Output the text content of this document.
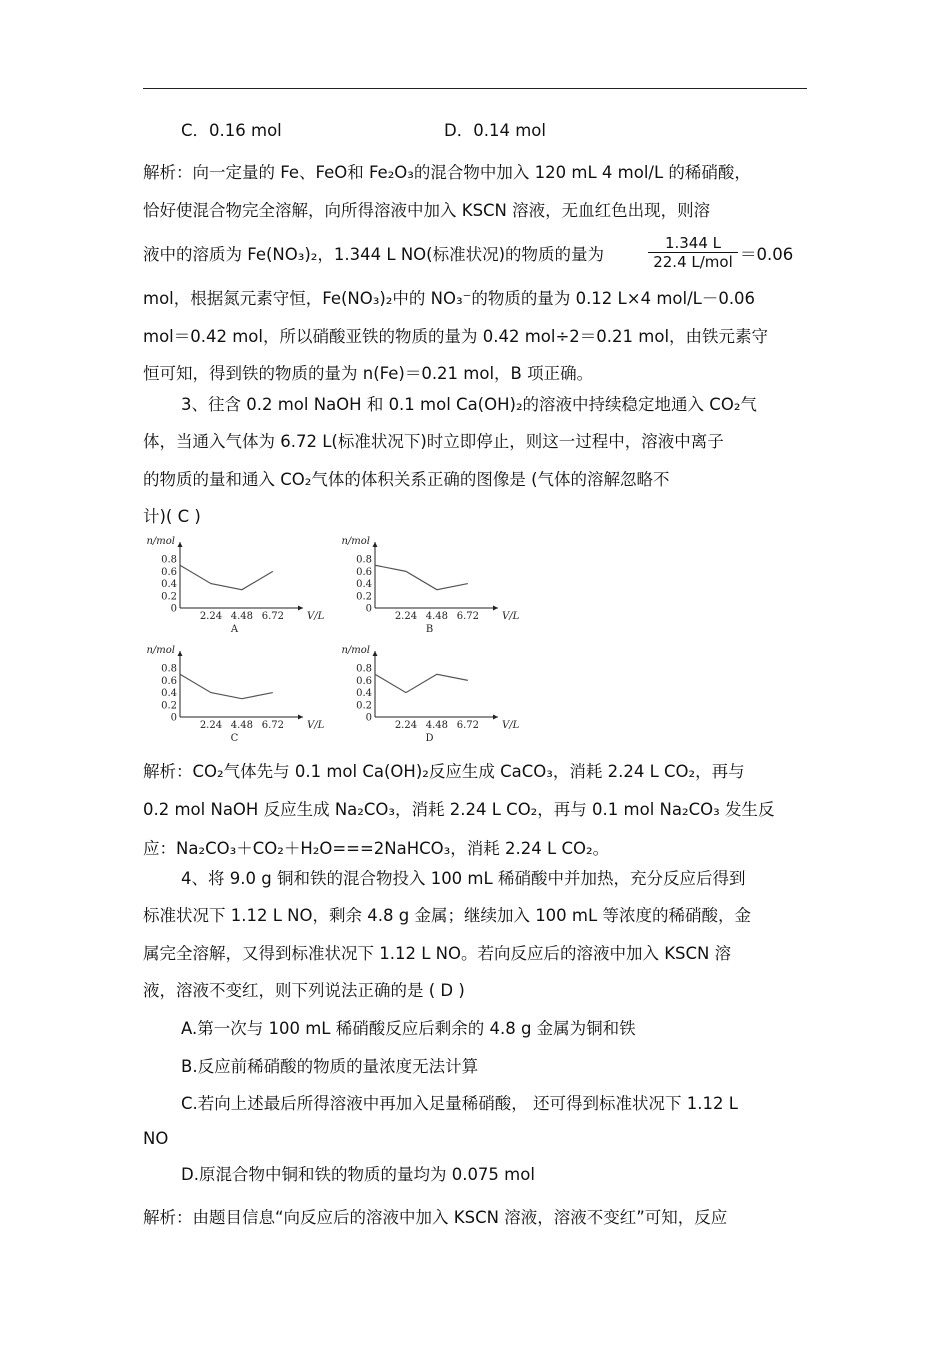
C．0.16 mol	D．0.14 mol
解析：向一定量的 Fe、FeO和 Fe₂O₃的混合物中加入 120 mL 4 mol/L 的稀硝酸，
恰好使混合物完全溶解，向所得溶液中加入 KSCN 溶液，无血红色出现，则溶
液中的溶质为 Fe(NO₃)₂，1.344 L NO(标准状况)的物质的量为
1.344 L
22.4 L/mol ＝0.06
mol，根据氮元素守恒，Fe(NO₃)₂中的 NO₃⁻的物质的量为 0.12 L×4 mol/L－0.06
mol＝0.42 mol，所以硝酸亚铁的物质的量为 0.42 mol÷2＝0.21 mol，由铁元素守
恒可知，得到铁的物质的量为 n(Fe)＝0.21 mol，B 项正确。
3、往含 0.2 mol NaOH 和 0.1 mol Ca(OH)₂的溶液中持续稳定地通入 CO₂气
体，当通入气体为 6.72 L(标准状况下)时立即停止，则这一过程中，溶液中离子
的物质的量和通入 CO₂气体的体积关系正确的图像是 (气体的溶解忽略不
计)( C )
0.8
0.6
0.4
0.2
0
2.24 4.48 6.72
n/mol
V/L
A
0.8
0.6
0.4
0.2
0
2.24 4.48 6.72
n/mol
V/L
B
0.8
0.6
0.4
0.2
0
2.24 4.48 6.72
n/mol
V/L
C
0.8
0.6
0.4
0.2
0
2.24 4.48 6.72
n/mol
V/L
D
解析：CO₂气体先与 0.1 mol Ca(OH)₂反应生成 CaCO₃，消耗 2.24 L CO₂，再与
0.2 mol NaOH 反应生成 Na₂CO₃，消耗 2.24 L CO₂，再与 0.1 mol Na₂CO₃ 发生反
应：Na₂CO₃＋CO₂＋H₂O===2NaHCO₃，消耗 2.24 L CO₂。
4、将 9.0 g 铜和铁的混合物投入 100 mL 稀硝酸中并加热，充分反应后得到
标准状况下 1.12 L NO，剩余 4.8 g 金属；继续加入 100 mL 等浓度的稀硝酸，金
属完全溶解，又得到标准状况下 1.12 L NO。若向反应后的溶液中加入 KSCN 溶
液，溶液不变红，则下列说法正确的是 ( D )
A.第一次与 100 mL 稀硝酸反应后剩余的 4.8 g 金属为铜和铁
B.反应前稀硝酸的物质的量浓度无法计算
C.若向上述最后所得溶液中再加入足量稀硝酸， 还可得到标准状况下 1.12 L
NO
D.原混合物中铜和铁的物质的量均为 0.075 mol
解析：由题目信息“向反应后的溶液中加入 KSCN 溶液，溶液不变红”可知，反应
